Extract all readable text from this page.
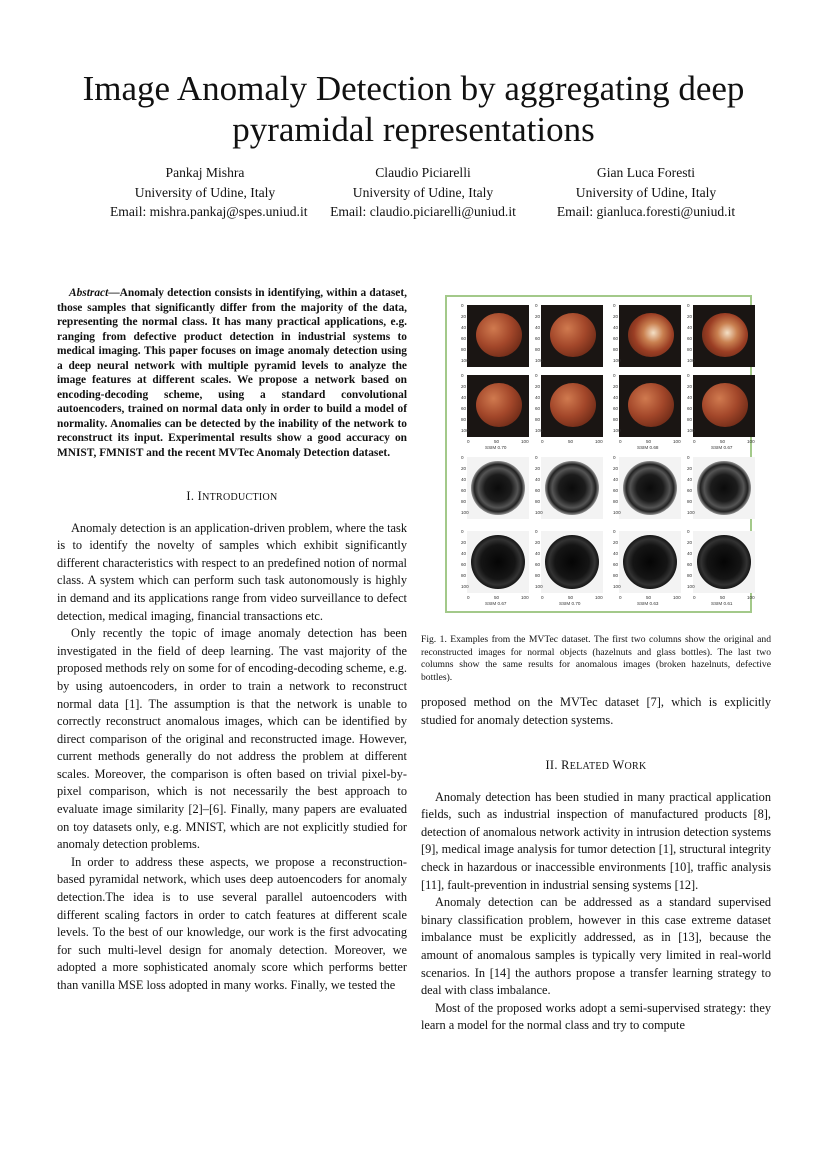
Image Anomaly Detection by aggregating deep pyramidal representations
Pankaj Mishra
University of Udine, Italy
Email: mishra.pankaj@spes.uniud.it
Claudio Piciarelli
University of Udine, Italy
Email: claudio.piciarelli@uniud.it
Gian Luca Foresti
University of Udine, Italy
Email: gianluca.foresti@uniud.it

Abstract—Anomaly detection consists in identifying, within a dataset, those samples that significantly differ from the majority of the data, representing the normal class. It has many practical applications, e.g. ranging from defective product detection in industrial systems to medical imaging. This paper focuses on image anomaly detection using a deep neural network with multiple pyramid levels to analyze the image features at different scales. We propose a network based on encoding-decoding scheme, using a standard convolutional autoencoders, trained on normal data only in order to build a model of normality. Anomalies can be detected by the inability of the network to reconstruct its input. Experimental results show a good accuracy on MNIST, FMNIST and the recent MVTec Anomaly Detection dataset.

I. INTRODUCTION

Anomaly detection is an application-driven problem, where the task is to identify the novelty of samples which exhibit significantly different characteristics with respect to an predefined notion of normal class. A system which can perform such task autonomously is highly in demand and its applications range from video surveillance to defect detection, medical imaging, financial transactions etc.

Only recently the topic of image anomaly detection has been investigated in the field of deep learning. The vast majority of the proposed methods rely on some for of encoding-decoding scheme, e.g. by using autoencoders, in order to train a network to reconstruct normal data [1]. The assumption is that the network is unable to correctly reconstruct anomalous images, which can be identified by direct comparison of the original and reconstructed image. However, current methods generally do not address the problem at different scales. Moreover, the comparison is often based on trivial pixel-by-pixel comparison, which is not necessarily the best approach to evaluate image similarity [2]–[6]. Finally, many papers are evaluated on toy datasets only, e.g. MNIST, which are not explicitly studied for anomaly detection problems.

In order to address these aspects, we propose a reconstruction-based pyramidal network, which uses deep autoencoders for anomaly detection.The idea is to use several parallel autoencoders with different scaling factors in order to catch features at different scale levels. To the best of our knowledge, our work is the first advocating for such multi-level design for anomaly detection. Moreover, we adopted a more sophisticated anomaly score which performs better than vanilla MSE loss adopted in many works. Finally, we tested the

0
20
40
60
80
100
0
20
40
60
80
100
0
20
40
60
80
100
0
20
40
60
80
100
0
20
40
60
80
100
0	50	100
SSIM 0.70
0
20
40
60
80
100
0	50	100
0
20
40
60
80
100
0	50	100
SSIM 0.68
0
20
40
60
80
100
0	50	100
SSIM 0.67
0
20
40
60
80
100
0
20
40
60
80
100
0
20
40
60
80
100
0
20
40
60
80
100
0
20
40
60
80
100
0	50	100
SSIM 0.67
0
20
40
60
80
100
0	50	100
SSIM 0.70
0
20
40
60
80
100
0	50	100
SSIM 0.63
0
20
40
60
80
100
0	50	100
SSIM 0.61

Fig. 1. Examples from the MVTec dataset. The first two columns show the original and reconstructed images for normal objects (hazelnuts and glass bottles). The last two columns show the same results for anomalous images (broken hazelnuts, defective bottles).

proposed method on the MVTec dataset [7], which is explicitly studied for anomaly detection systems.

II. RELATED WORK

Anomaly detection has been studied in many practical application fields, such as industrial inspection of manufactured products [8], detection of anomalous network activity in intrusion detection systems [9], medical image analysis for tumor detection [1], structural integrity check in hazardous or inaccessible environments [10], traffic analysis [11], fault-prevention in industrial sensing systems [12].

Anomaly detection can be addressed as a standard supervised binary classification problem, however in this case extreme dataset imbalance must be explicitly addressed, as in [13], because the amount of anomalous samples is typically very limited in real-world scenarios. In [14] the authors propose a transfer learning strategy to deal with class imbalance.

Most of the proposed works adopt a semi-supervised strategy: they learn a model for the normal class and try to compute
